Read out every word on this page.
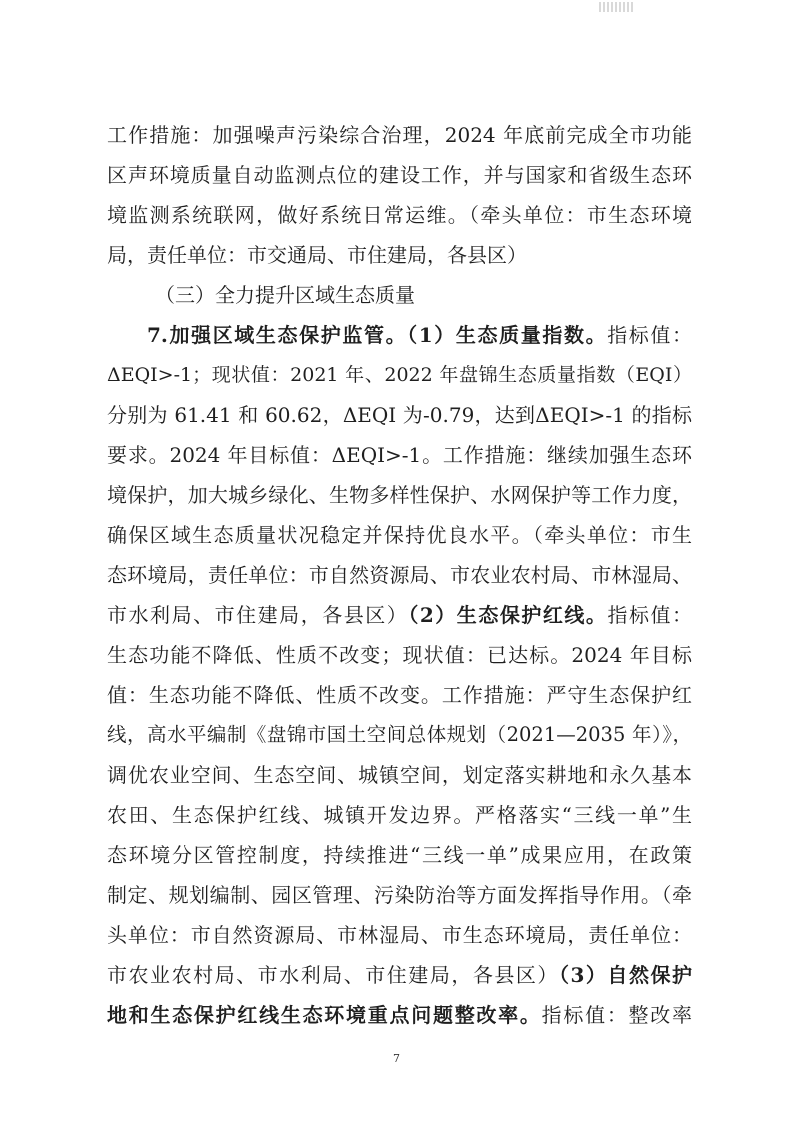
工作措施：加强噪声污染综合治理，2024 年底前完成全市功能
区声环境质量自动监测点位的建设工作，并与国家和省级生态环
境监测系统联网，做好系统日常运维。（牵头单位：市生态环境
局，责任单位：市交通局、市住建局，各县区）
（三）全力提升区域生态质量
7.加强区域生态保护监管。（1）生态质量指数。指标值：
ΔEQI>-1；现状值：2021 年、2022 年盘锦生态质量指数（EQI）
分别为 61.41 和 60.62，ΔEQI 为-0.79，达到ΔEQI>-1 的指标
要求。2024 年目标值：ΔEQI>-1。工作措施：继续加强生态环
境保护，加大城乡绿化、生物多样性保护、水网保护等工作力度，
确保区域生态质量状况稳定并保持优良水平。（牵头单位：市生
态环境局，责任单位：市自然资源局、市农业农村局、市林湿局、
市水利局、市住建局，各县区）（2）生态保护红线。指标值：
生态功能不降低、性质不改变；现状值：已达标。2024 年目标
值：生态功能不降低、性质不改变。工作措施：严守生态保护红
线，高水平编制《盘锦市国土空间总体规划（2021—2035 年）》，
调优农业空间、生态空间、城镇空间，划定落实耕地和永久基本
农田、生态保护红线、城镇开发边界。严格落实“三线一单”生
态环境分区管控制度，持续推进“三线一单”成果应用，在政策
制定、规划编制、园区管理、污染防治等方面发挥指导作用。（牵
头单位：市自然资源局、市林湿局、市生态环境局，责任单位：
市农业农村局、市水利局、市住建局，各县区）（3）自然保护
地和生态保护红线生态环境重点问题整改率。指标值：整改率
7
